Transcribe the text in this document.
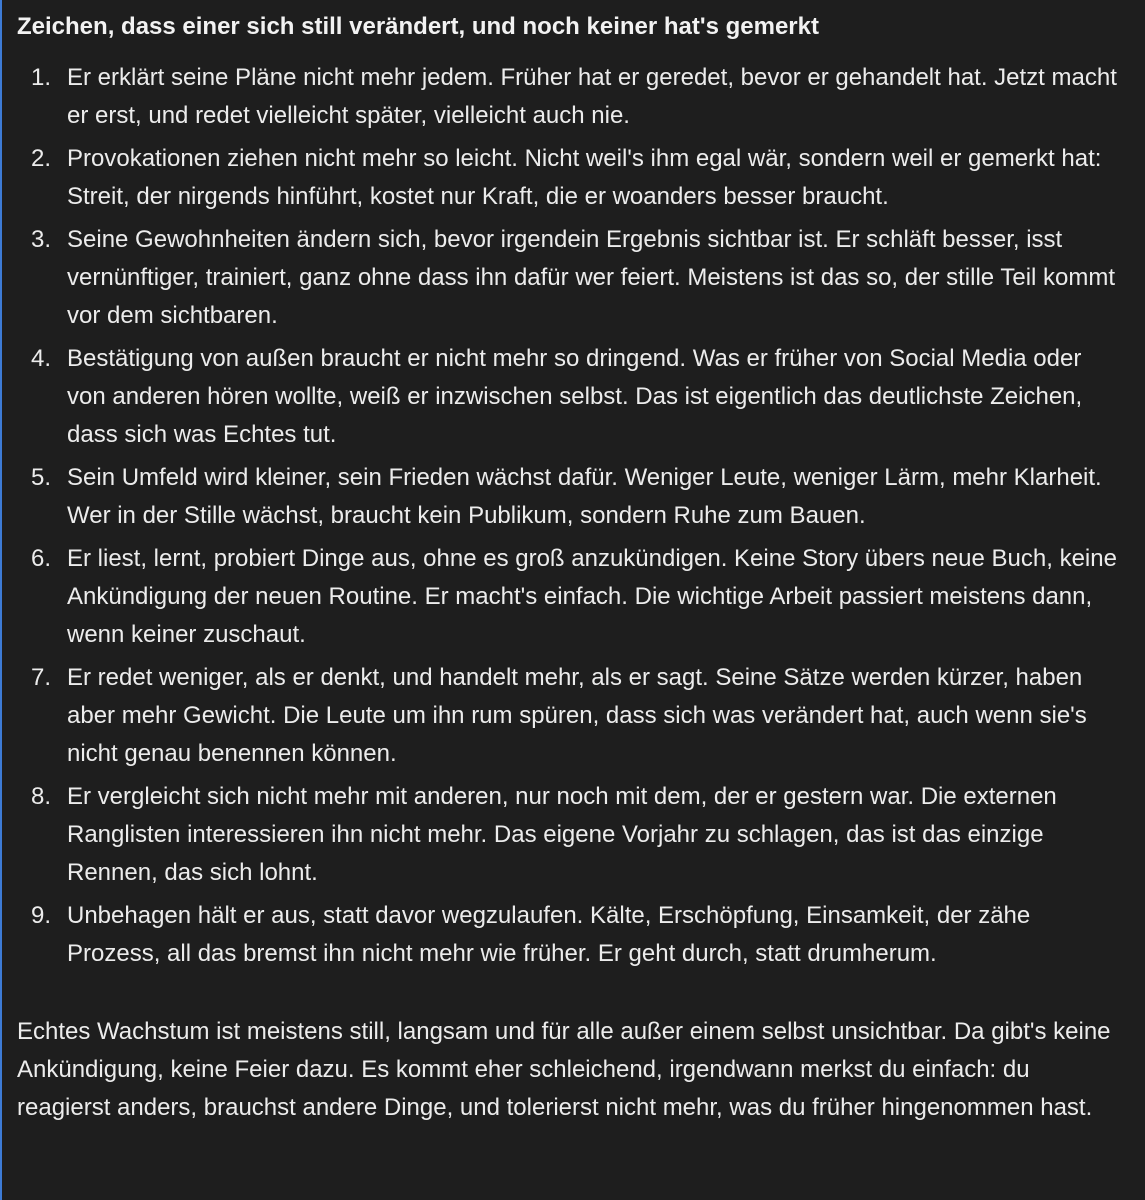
Zeichen, dass einer sich still verändert, und noch keiner hat's gemerkt
1. Er erklärt seine Pläne nicht mehr jedem. Früher hat er geredet, bevor er gehandelt hat. Jetzt macht er erst, und redet vielleicht später, vielleicht auch nie.
2. Provokationen ziehen nicht mehr so leicht. Nicht weil's ihm egal wär, sondern weil er gemerkt hat: Streit, der nirgends hinführt, kostet nur Kraft, die er woanders besser braucht.
3. Seine Gewohnheiten ändern sich, bevor irgendein Ergebnis sichtbar ist. Er schläft besser, isst vernünftiger, trainiert, ganz ohne dass ihn dafür wer feiert. Meistens ist das so, der stille Teil kommt vor dem sichtbaren.
4. Bestätigung von außen braucht er nicht mehr so dringend. Was er früher von Social Media oder von anderen hören wollte, weiß er inzwischen selbst. Das ist eigentlich das deutlichste Zeichen, dass sich was Echtes tut.
5. Sein Umfeld wird kleiner, sein Frieden wächst dafür. Weniger Leute, weniger Lärm, mehr Klarheit. Wer in der Stille wächst, braucht kein Publikum, sondern Ruhe zum Bauen.
6. Er liest, lernt, probiert Dinge aus, ohne es groß anzukündigen. Keine Story übers neue Buch, keine Ankündigung der neuen Routine. Er macht's einfach. Die wichtige Arbeit passiert meistens dann, wenn keiner zuschaut.
7. Er redet weniger, als er denkt, und handelt mehr, als er sagt. Seine Sätze werden kürzer, haben aber mehr Gewicht. Die Leute um ihn rum spüren, dass sich was verändert hat, auch wenn sie's nicht genau benennen können.
8. Er vergleicht sich nicht mehr mit anderen, nur noch mit dem, der er gestern war. Die externen Ranglisten interessieren ihn nicht mehr. Das eigene Vorjahr zu schlagen, das ist das einzige Rennen, das sich lohnt.
9. Unbehagen hält er aus, statt davor wegzulaufen. Kälte, Erschöpfung, Einsamkeit, der zähe Prozess, all das bremst ihn nicht mehr wie früher. Er geht durch, statt drumherum.

Echtes Wachstum ist meistens still, langsam und für alle außer einem selbst unsichtbar. Da gibt's keine Ankündigung, keine Feier dazu. Es kommt eher schleichend, irgendwann merkst du einfach: du reagierst anders, brauchst andere Dinge, und tolerierst nicht mehr, was du früher hingenommen hast.
